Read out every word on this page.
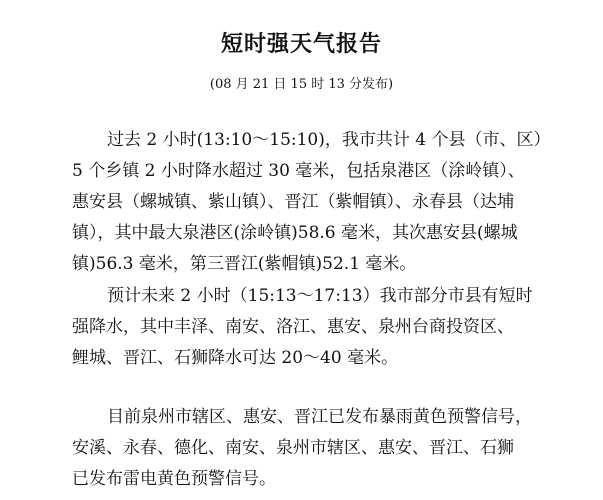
短时强天气报告
(08 月 21 日 15 时 13 分发布)
过去 2 小时(13:10～15:10)，我市共计 4 个县（市、区）
5 个乡镇 2 小时降水超过 30 毫米，包括泉港区（涂岭镇）、
惠安县（螺城镇、紫山镇）、晋江（紫帽镇）、永春县（达埔
镇），其中最大泉港区(涂岭镇)58.6 毫米，其次惠安县(螺城
镇)56.3 毫米，第三晋江(紫帽镇)52.1 毫米。
预计未来 2 小时（15:13～17:13）我市部分市县有短时
强降水，其中丰泽、南安、洛江、惠安、泉州台商投资区、
鲤城、晋江、石狮降水可达 20～40 毫米。
目前泉州市辖区、惠安、晋江已发布暴雨黄色预警信号，
安溪、永春、德化、南安、泉州市辖区、惠安、晋江、石狮
已发布雷电黄色预警信号。
